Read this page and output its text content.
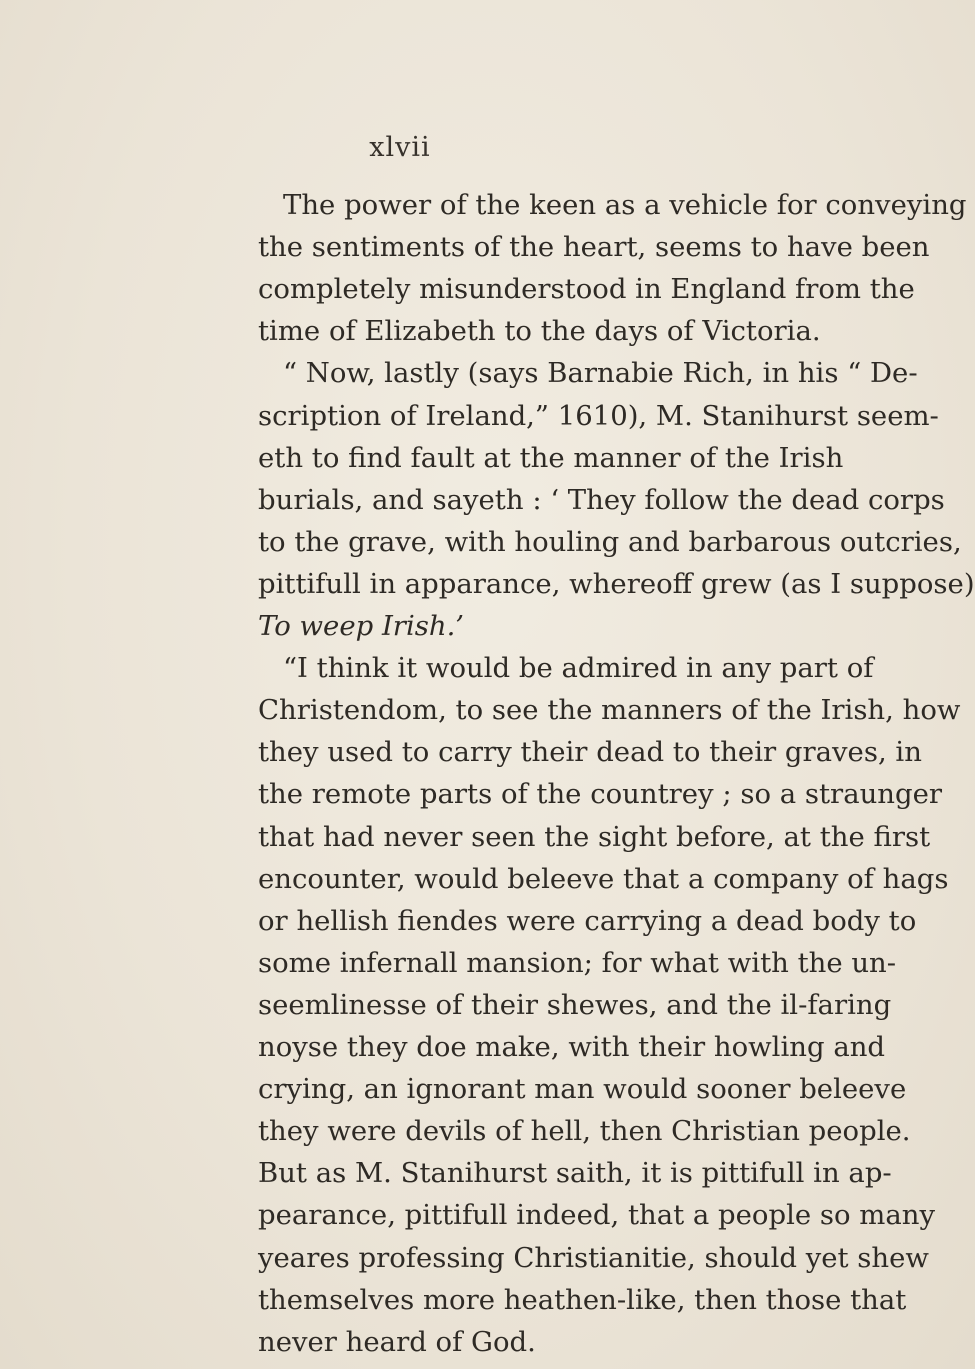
xlvii
The power of the keen as a vehicle for conveying
the sentiments of the heart, seems to have been
completely misunderstood in England from the
time of Elizabeth to the days of Victoria.
“ Now, lastly (says Barnabie Rich, in his “ De-
scription of Ireland,” 1610), M. Stanihurst seem-
eth to find fault at the manner of the Irish
burials, and sayeth : ‘ They follow the dead corps
to the grave, with houling and barbarous outcries,
pittifull in apparance, whereoff grew (as I suppose)
To weep Irish.’
“I think it would be admired in any part of
Christendom, to see the manners of the Irish, how
they used to carry their dead to their graves, in
the remote parts of the countrey ; so a straunger
that had never seen the sight before, at the first
encounter, would beleeve that a company of hags
or hellish fiendes were carrying a dead body to
some infernall mansion; for what with the un-
seemlinesse of their shewes, and the il-faring
noyse they doe make, with their howling and
crying, an ignorant man would sooner beleeve
they were devils of hell, then Christian people.
But as M. Stanihurst saith, it is pittifull in ap-
pearance, pittifull indeed, that a people so many
yeares professing Christianitie, should yet shew
themselves more heathen-like, then those that
never heard of God.
